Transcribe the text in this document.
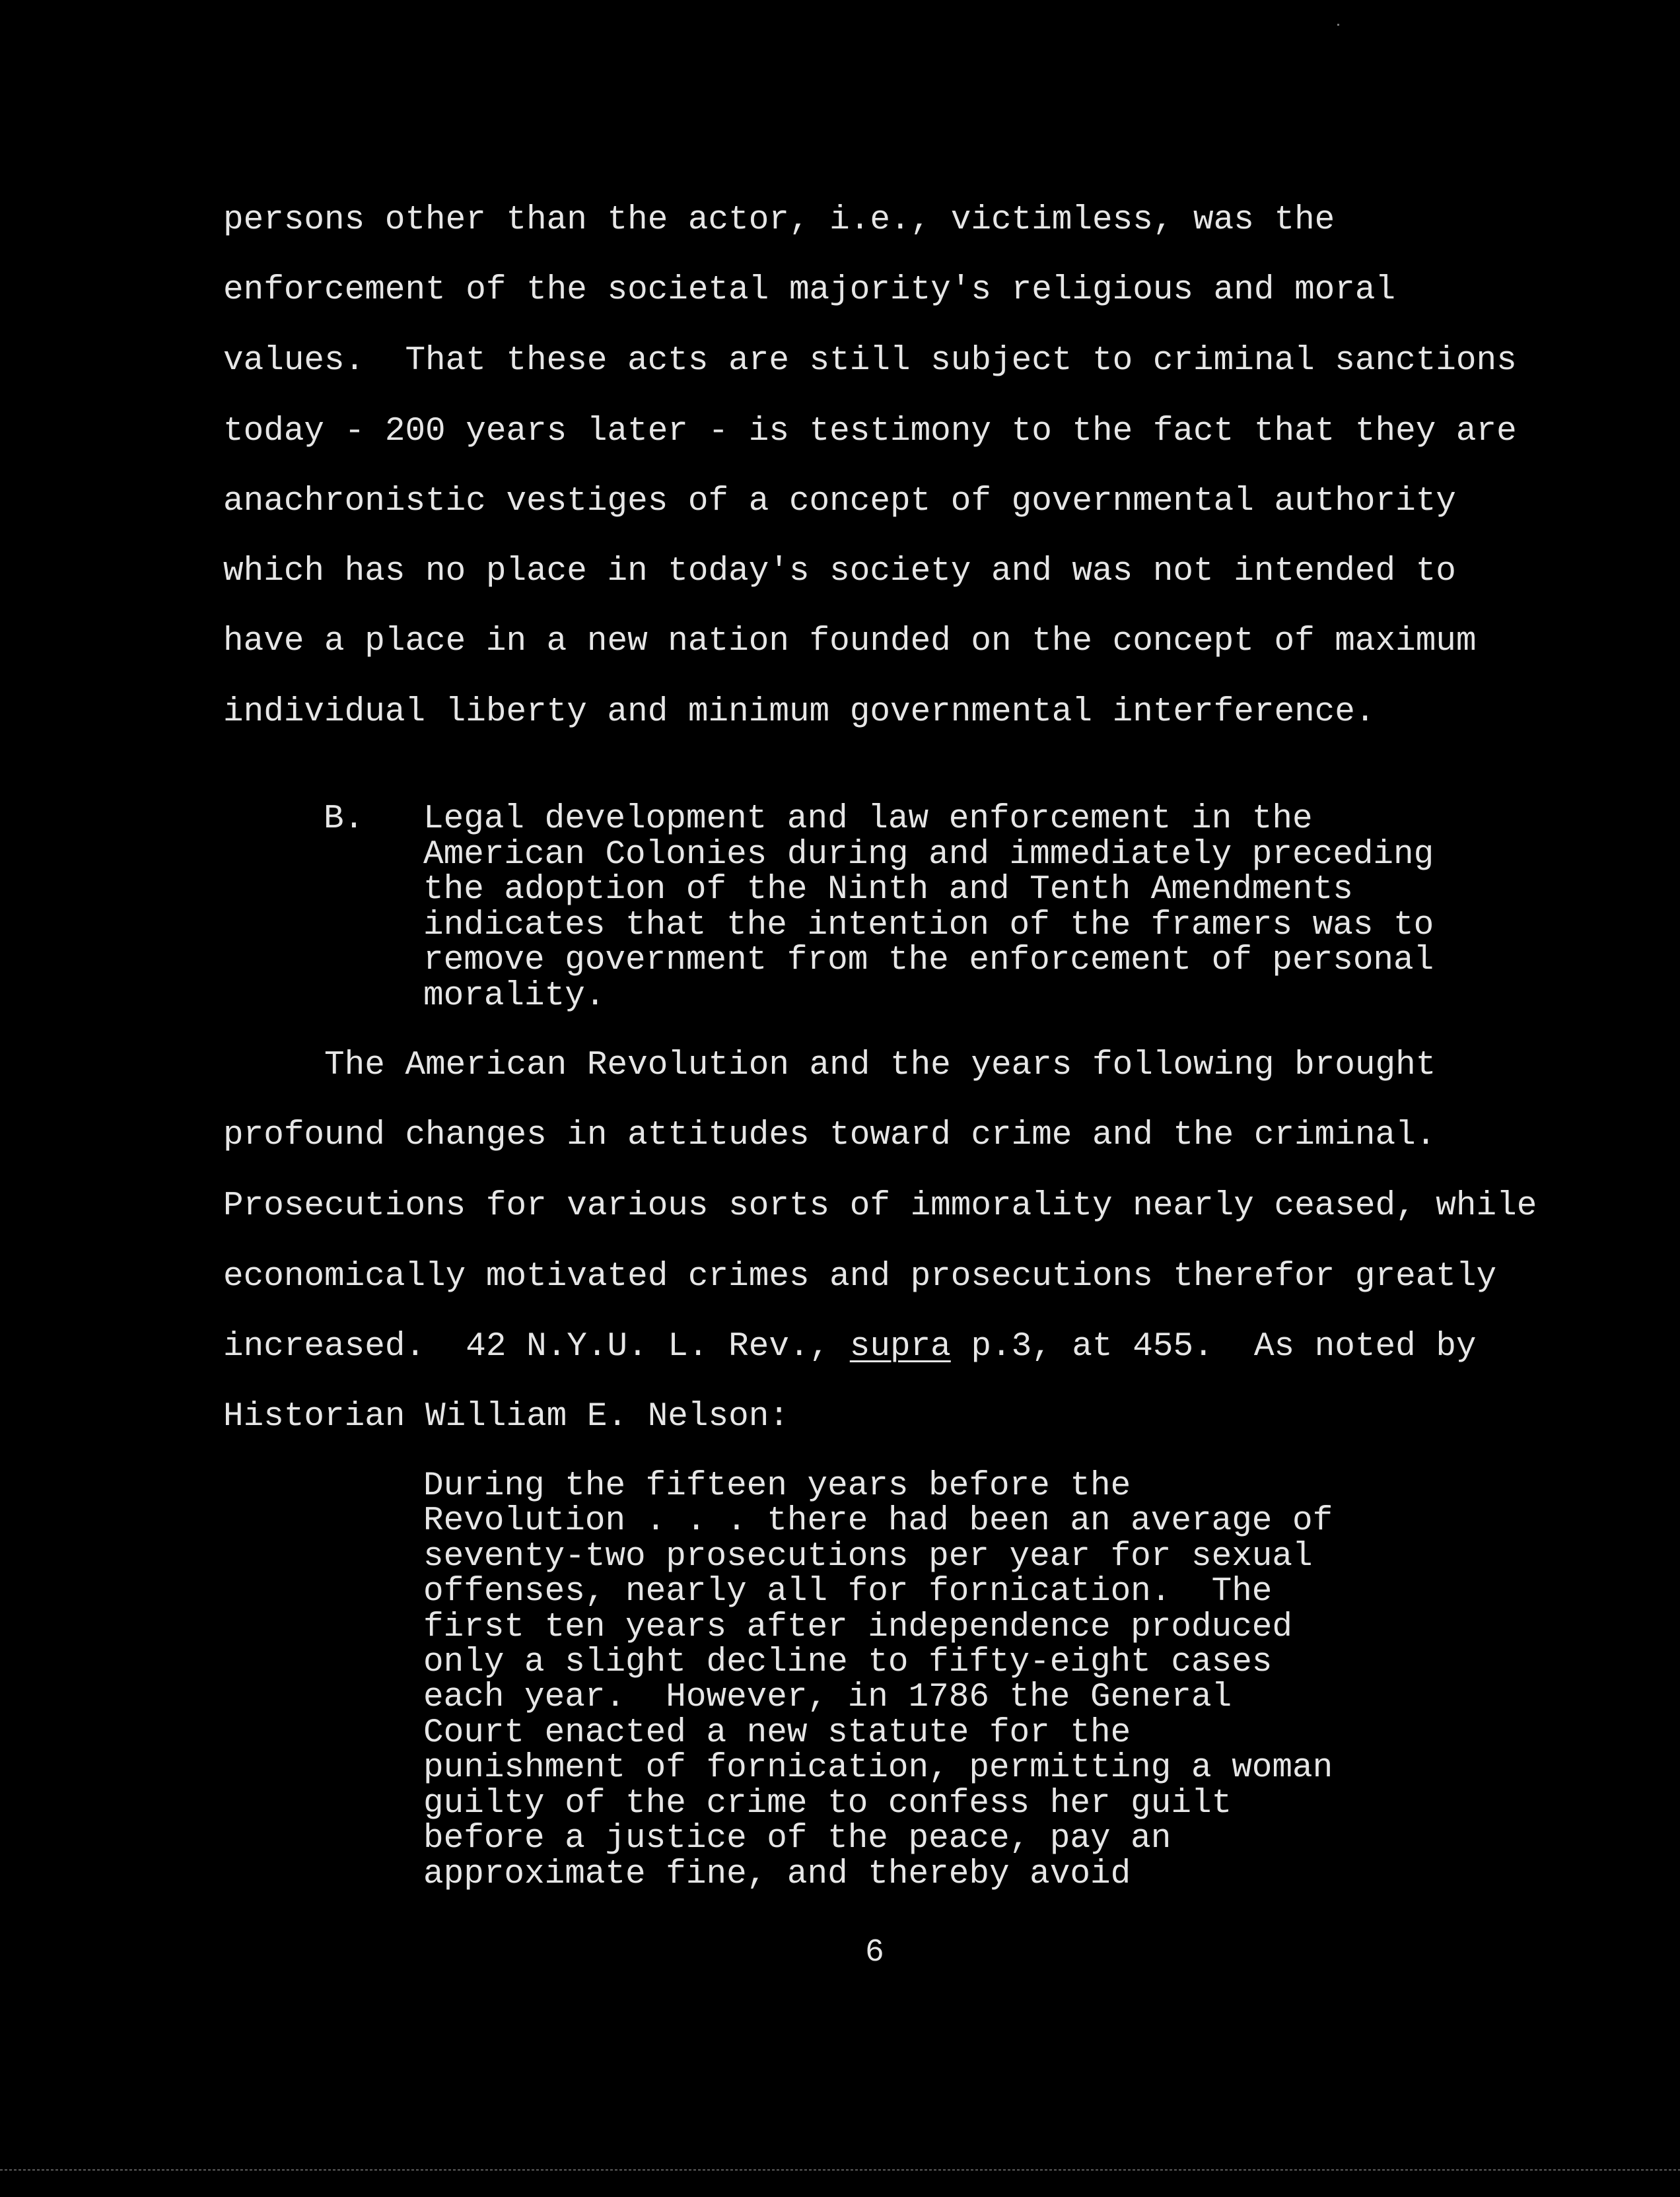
persons other than the actor, i.e., victimless, was the
enforcement of the societal majority's religious and moral
values.  That these acts are still subject to criminal sanctions
today - 200 years later - is testimony to the fact that they are
anachronistic vestiges of a concept of governmental authority
which has no place in today's society and was not intended to
have a place in a new nation founded on the concept of maximum
individual liberty and minimum governmental interference.
B. Legal development and law enforcement in the
American Colonies during and immediately preceding
the adoption of the Ninth and Tenth Amendments
indicates that the intention of the framers was to
remove government from the enforcement of personal
morality.
The American Revolution and the years following brought
profound changes in attitudes toward crime and the criminal.
Prosecutions for various sorts of immorality nearly ceased, while
economically motivated crimes and prosecutions therefor greatly
increased.  42 N.Y.U. L. Rev., supra p.3, at 455.  As noted by
Historian William E. Nelson:
During the fifteen years before the
Revolution . . . there had been an average of
seventy-two prosecutions per year for sexual
offenses, nearly all for fornication.  The
first ten years after independence produced
only a slight decline to fifty-eight cases
each year.  However, in 1786 the General
Court enacted a new statute for the
punishment of fornication, permitting a woman
guilty of the crime to confess her guilt
before a justice of the peace, pay an
approximate fine, and thereby avoid
6
